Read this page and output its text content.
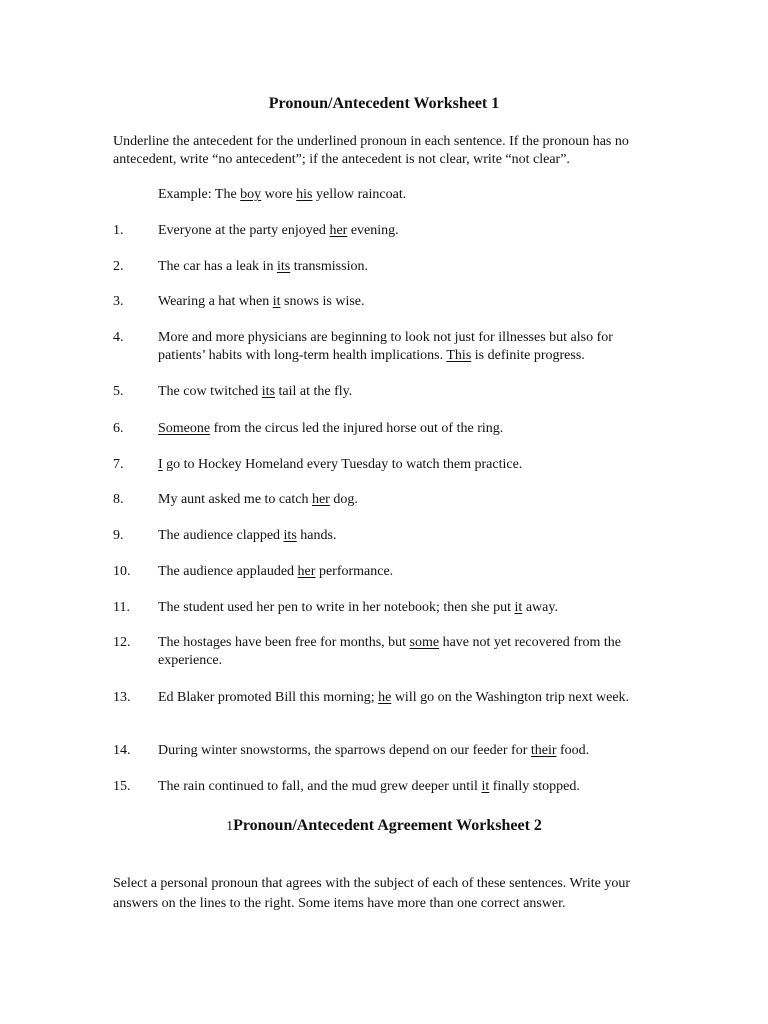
Pronoun/Antecedent Worksheet 1
Underline the antecedent for the underlined pronoun in each sentence. If the pronoun has no antecedent, write “no antecedent”; if the antecedent is not clear, write “not clear”.
Example: The boy wore his yellow raincoat.
1.	Everyone at the party enjoyed her evening.
2.	The car has a leak in its transmission.
3.	Wearing a hat when it snows is wise.
4.	More and more physicians are beginning to look not just for illnesses but also for patients’ habits with long-term health implications. This is definite progress.
5.	The cow twitched its tail at the fly.
6.	Someone from the circus led the injured horse out of the ring.
7.	I go to Hockey Homeland every Tuesday to watch them practice.
8.	My aunt asked me to catch her dog.
9.	The audience clapped its hands.
10.	The audience applauded her performance.
11.	The student used her pen to write in her notebook; then she put it away.
12.	The hostages have been free for months, but some have not yet recovered from the experience.
13.	Ed Blaker promoted Bill this morning; he will go on the Washington trip next week.
14.	During winter snowstorms, the sparrows depend on our feeder for their food.
15.	The rain continued to fall, and the mud grew deeper until it finally stopped.
1Pronoun/Antecedent Agreement Worksheet 2
Select a personal pronoun that agrees with the subject of each of these sentences. Write your answers on the lines to the right. Some items have more than one correct answer.
